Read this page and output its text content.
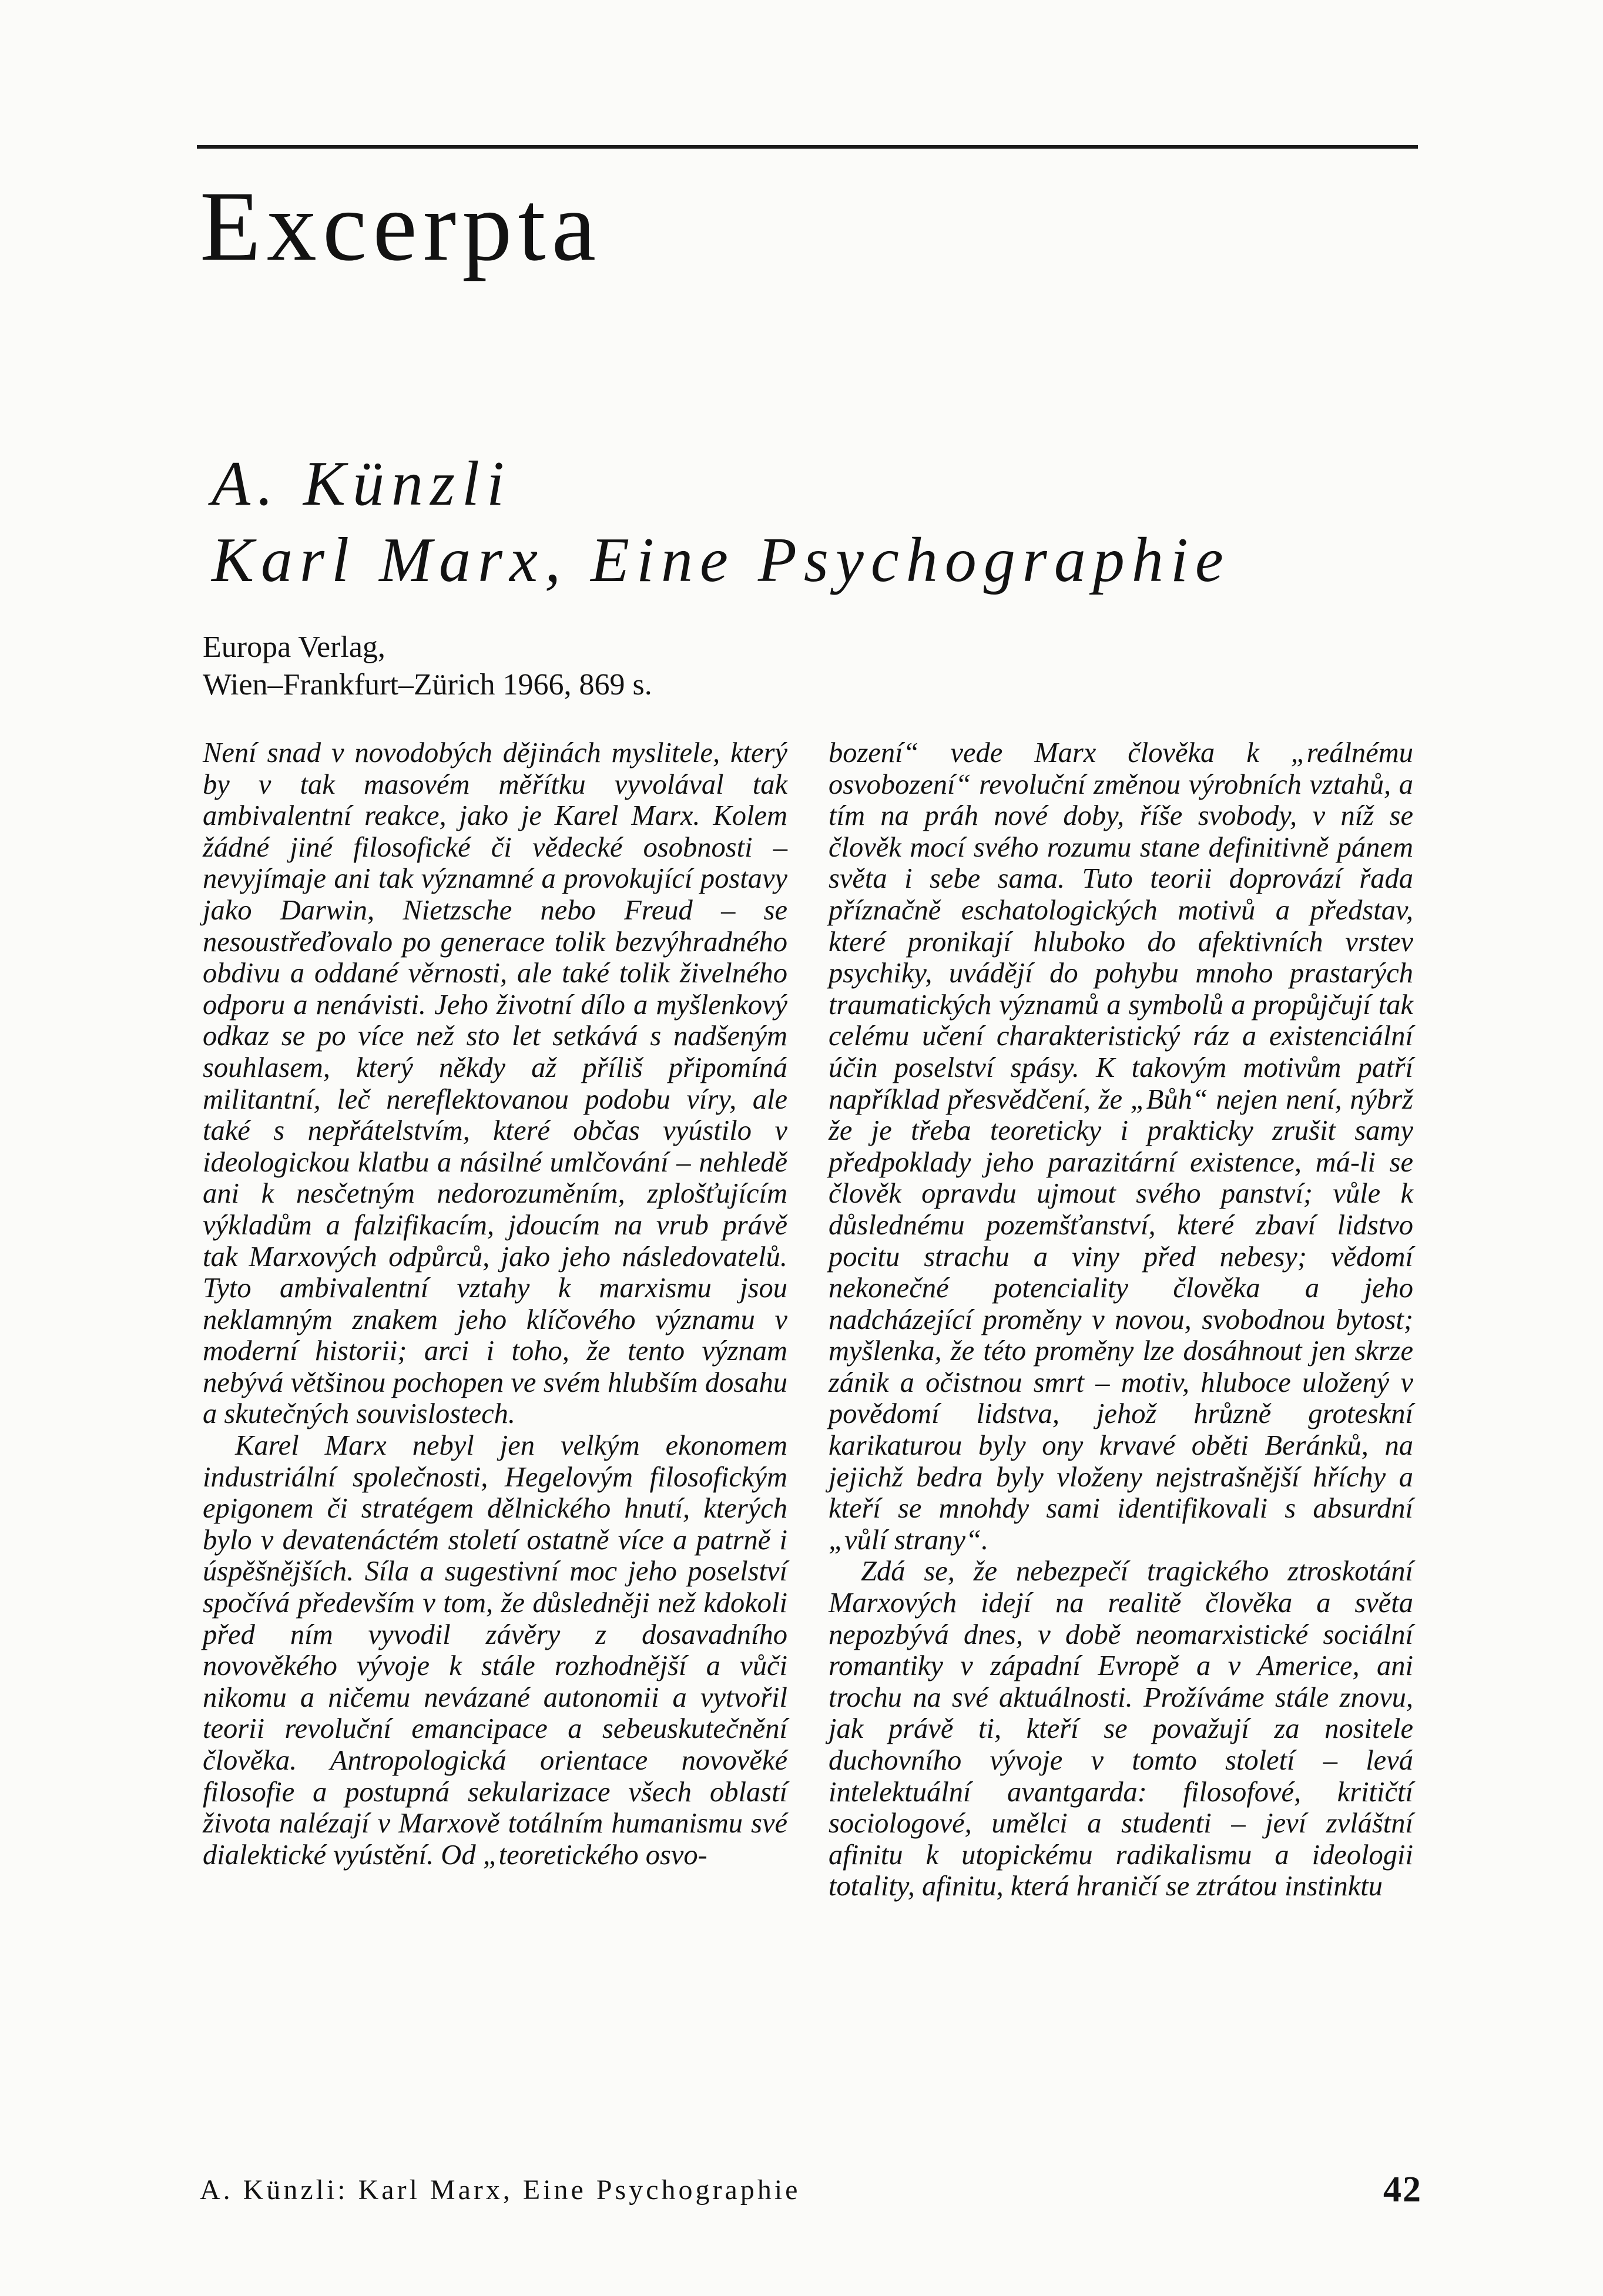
Excerpta
A. Künzli
Karl Marx, Eine Psychographie
Europa Verlag,
Wien–Frankfurt–Zürich 1966, 869 s.

Není snad v novodobých dějinách myslitele, který by v tak masovém měřítku vyvolával tak ambivalentní reakce, jako je Karel Marx. Kolem žádné jiné filosofické či vědecké osobnosti – nevyjímaje ani tak významné a provokující postavy jako Darwin, Nietzsche nebo Freud – se nesoustřeďovalo po generace tolik bezvýhradného obdivu a oddané věrnosti, ale také tolik živelného odporu a nenávisti. Jeho životní dílo a myšlenkový odkaz se po více než sto let setkává s nadšeným souhlasem, který někdy až příliš připomíná militantní, leč nereflektovanou podobu víry, ale také s nepřátelstvím, které občas vyústilo v ideologickou klatbu a násilné umlčování – nehledě ani k nesčetným nedorozuměním, zplošťujícím výkladům a falzifikacím, jdoucím na vrub právě tak Marxových odpůrců, jako jeho následovatelů. Tyto ambivalentní vztahy k marxismu jsou neklamným znakem jeho klíčového významu v moderní historii; arci i toho, že tento význam nebývá většinou pochopen ve svém hlubším dosahu a skutečných souvislostech.

Karel Marx nebyl jen velkým ekonomem industriální společnosti, Hegelovým filosofickým epigonem či stratégem dělnického hnutí, kterých bylo v devatenáctém století ostatně více a patrně i úspěšnějších. Síla a sugestivní moc jeho poselství spočívá především v tom, že důsledněji než kdokoli před ním vyvodil závěry z dosavadního novověkého vývoje k stále rozhodnější a vůči nikomu a ničemu nevázané autonomii a vytvořil teorii revoluční emancipace a sebeuskutečnění člověka. Antropologická orientace novověké filosofie a postupná sekularizace všech oblastí života nalézají v Marxově totálním humanismu své dialektické vyústění. Od „teoretického osvo-

bození“ vede Marx člověka k „reálnému osvobození“ revoluční změnou výrobních vztahů, a tím na práh nové doby, říše svobody, v níž se člověk mocí svého rozumu stane definitivně pánem světa i sebe sama. Tuto teorii doprovází řada příznačně eschatologických motivů a představ, které pronikají hluboko do afektivních vrstev psychiky, uvádějí do pohybu mnoho prastarých traumatických významů a symbolů a propůjčují tak celému učení charakteristický ráz a existenciální účin poselství spásy. K takovým motivům patří například přesvědčení, že „Bůh“ nejen není, nýbrž že je třeba teoreticky i prakticky zrušit samy předpoklady jeho parazitární existence, má-li se člověk opravdu ujmout svého panství; vůle k důslednému pozemšťanství, které zbaví lidstvo pocitu strachu a viny před nebesy; vědomí nekonečné potenciality člověka a jeho nadcházející proměny v novou, svobodnou bytost; myšlenka, že této proměny lze dosáhnout jen skrze zánik a očistnou smrt – motiv, hluboce uložený v povědomí lidstva, jehož hrůzně groteskní karikaturou byly ony krvavé oběti Beránků, na jejichž bedra byly vloženy nejstrašnější hříchy a kteří se mnohdy sami identifikovali s absurdní „vůlí strany“.

Zdá se, že nebezpečí tragického ztroskotání Marxových idejí na realitě člověka a světa nepozbývá dnes, v době neomarxistické sociální romantiky v západní Evropě a v Americe, ani trochu na své aktuálnosti. Prožíváme stále znovu, jak právě ti, kteří se považují za nositele duchovního vývoje v tomto století – levá intelektuální avantgarda: filosofové, kritičtí sociologové, umělci a studenti – jeví zvláštní afinitu k utopickému radikalismu a ideologii totality, afinitu, která hraničí se ztrátou instinktu

A. Künzli: Karl Marx, Eine Psychographie	42
